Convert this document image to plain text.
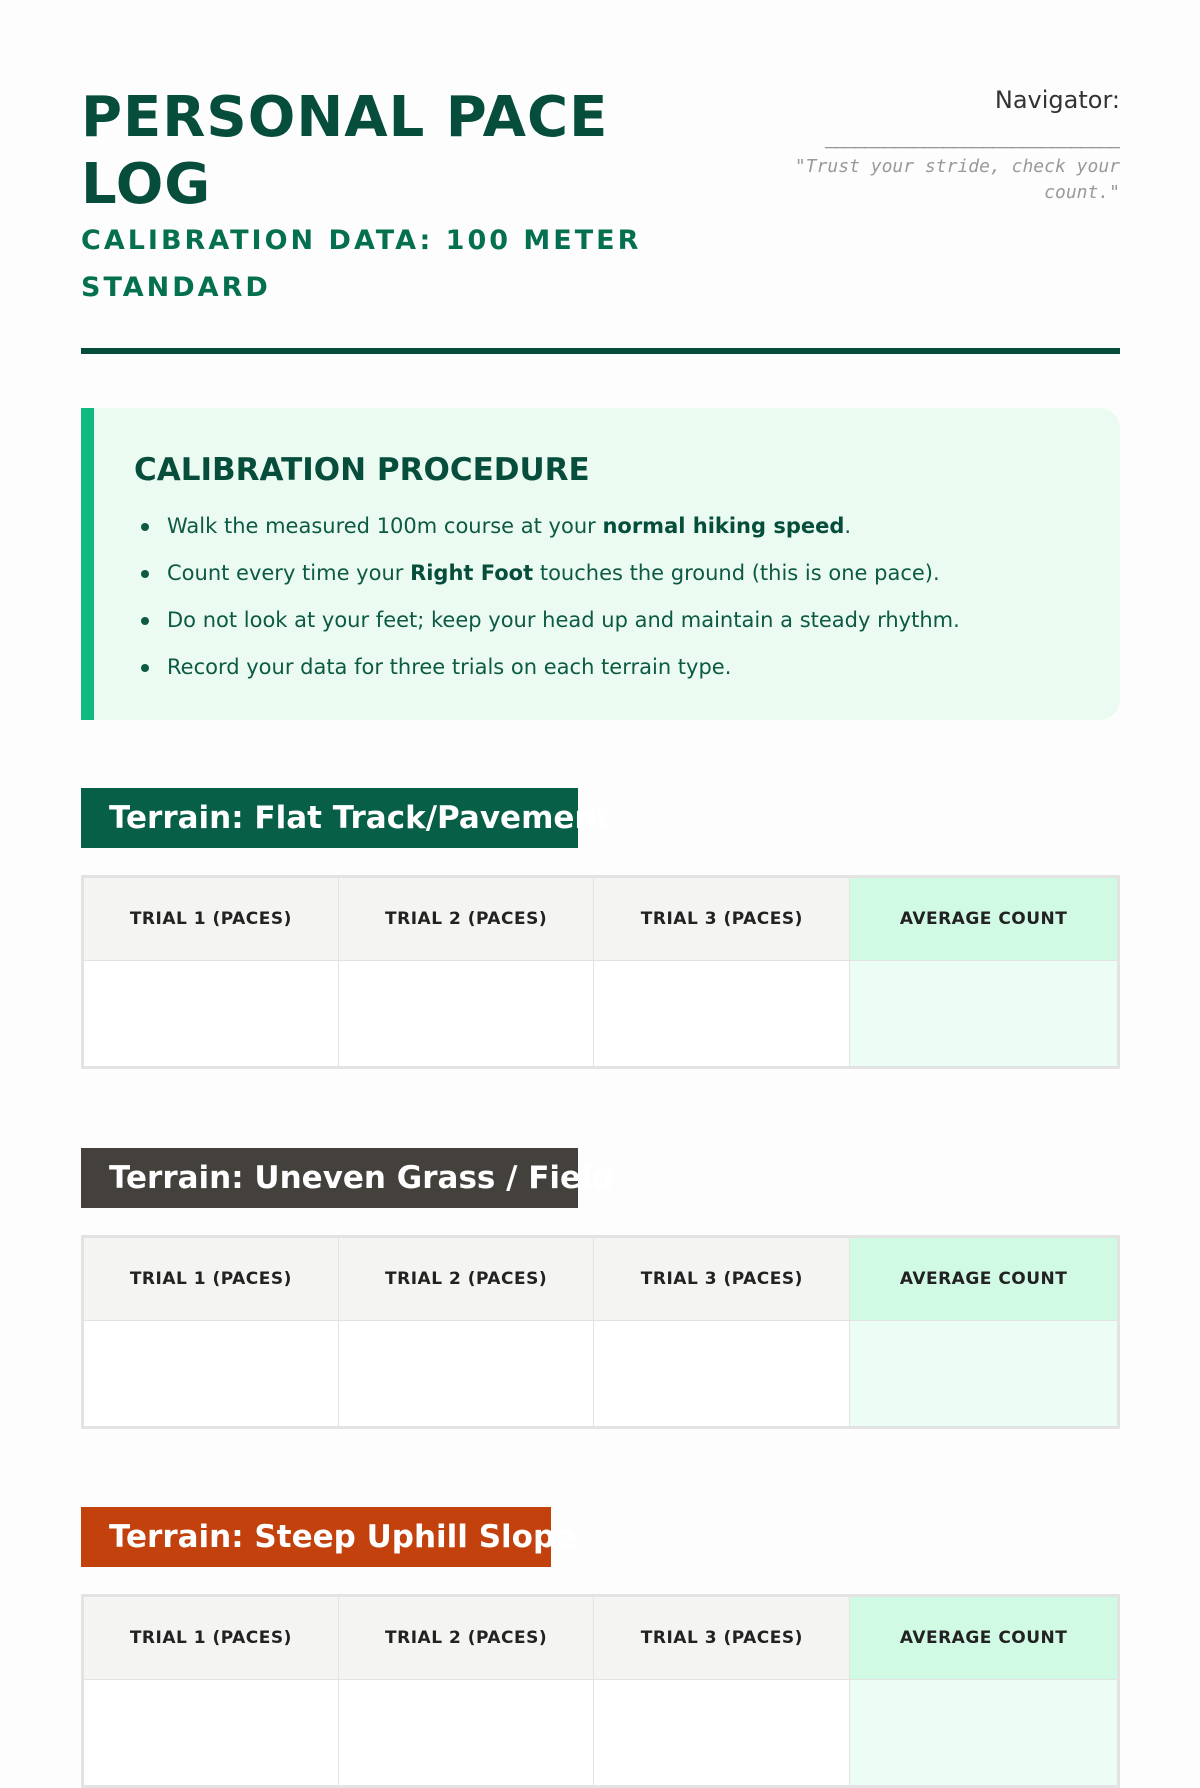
PERSONAL PACE LOG
CALIBRATION DATA: 100 METER STANDARD
Navigator:
______________________________
"Trust your stride, check your count."
CALIBRATION PROCEDURE
Walk the measured 100m course at your normal hiking speed.
Count every time your Right Foot touches the ground (this is one pace).
Do not look at your feet; keep your head up and maintain a steady rhythm.
Record your data for three trials on each terrain type.
Terrain: Flat Track/Pavement
TRIAL 1 (PACES)	TRIAL 2 (PACES)	TRIAL 3 (PACES)	AVERAGE COUNT

Terrain: Uneven Grass / Field
TRIAL 1 (PACES)	TRIAL 2 (PACES)	TRIAL 3 (PACES)	AVERAGE COUNT

Terrain: Steep Uphill Slope
TRIAL 1 (PACES)	TRIAL 2 (PACES)	TRIAL 3 (PACES)	AVERAGE COUNT
